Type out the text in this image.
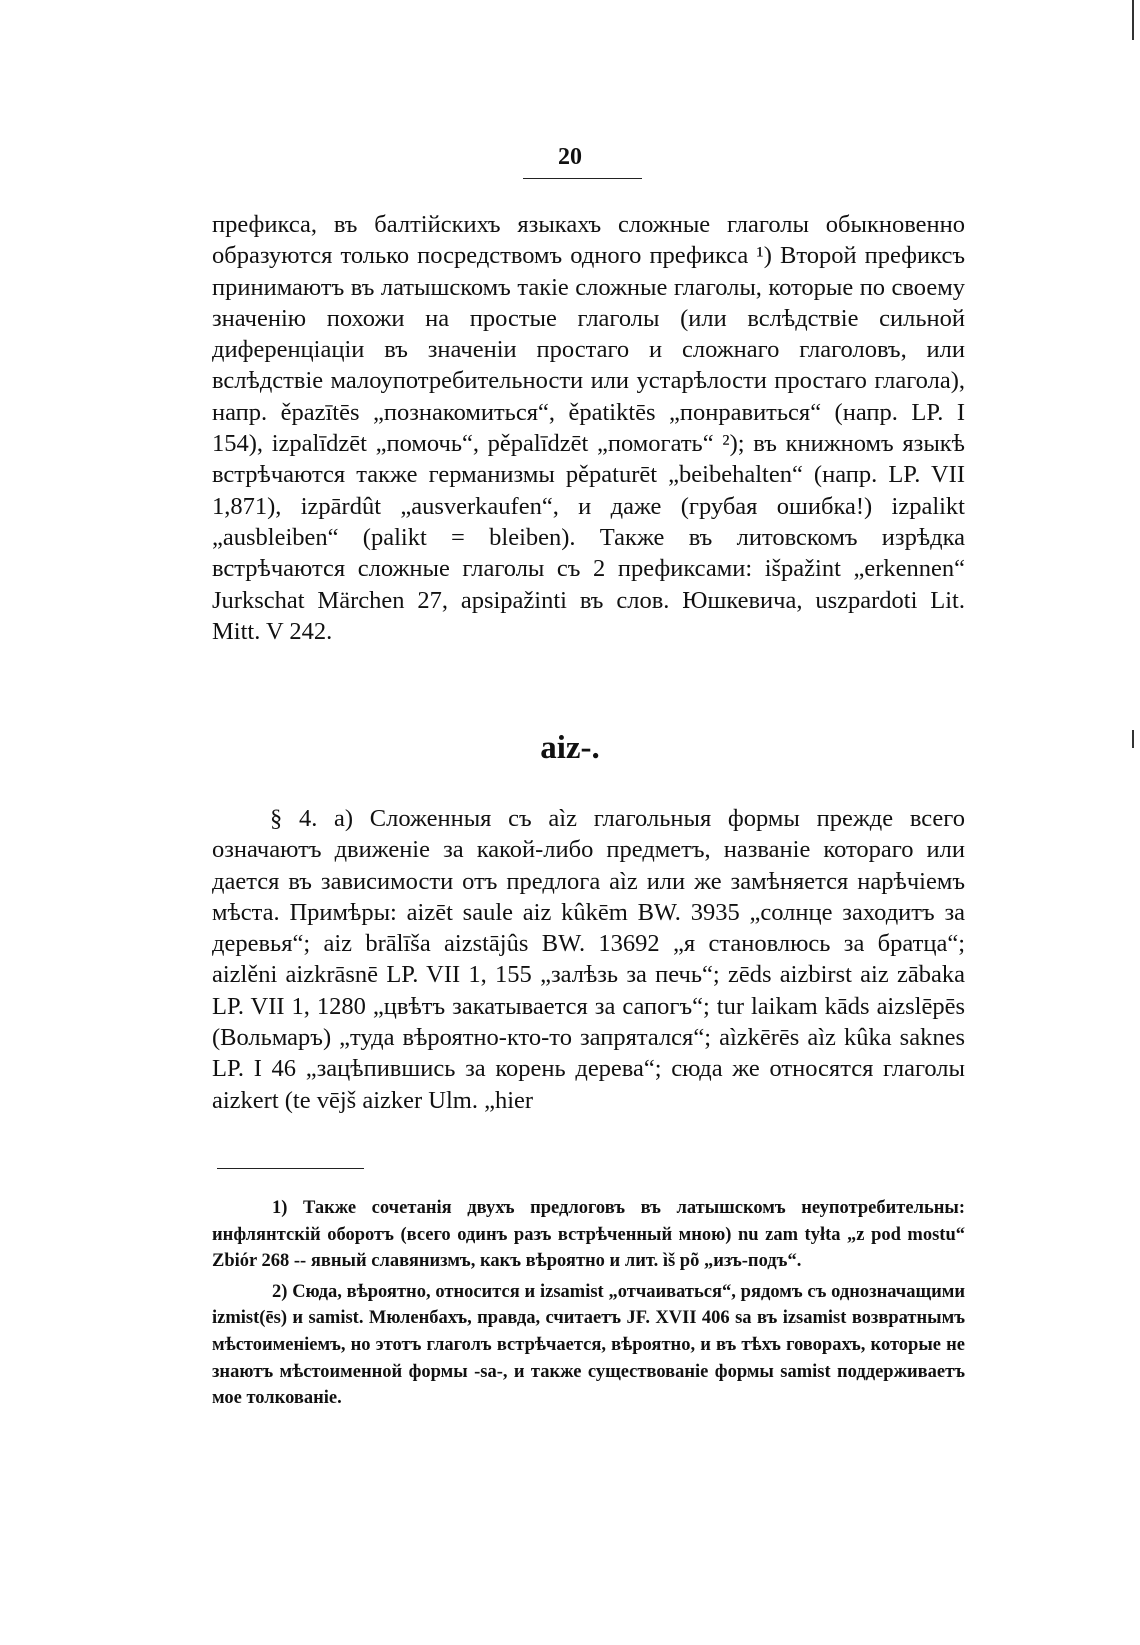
20

префикса, въ балтійскихъ языкахъ сложные глаголы обыкновенно образуются только посредствомъ одного префикса ¹) Второй префиксъ принимаютъ въ латышскомъ такіе сложные глаголы, которые по своему значенію похожи на простые глаголы (или вслѣдствіе сильной диференціаціи въ значеніи простаго и сложнаго глаголовъ, или вслѣдствіе малоупотребительности или устарѣлости простаго глагола), напр. ěpazītēs „познакомиться“, ěpatiktēs „понравиться“ (напр. LP. I 154), izpalīdzēt „помочь“, pěpalīdzēt „помогать“ ²); въ книжномъ языкѣ встрѣчаются также германизмы pěpaturēt „beibehalten“ (напр. LP. VII 1,871), izpārdût „ausverkaufen“, и даже (грубая ошибка!) izpalikt „ausbleiben“ (palikt = bleiben). Также въ литовскомъ изрѣдка встрѣчаются сложные глаголы съ 2 префиксами: išpažint „erkennen“ Jurkschat Märchen 27, apsipažinti въ слов. Юшкевича, uszpardoti Lit. Mitt. V 242.

aiz-.

§ 4. a) Сложенныя съ aìz глагольныя формы прежде всего означаютъ движеніе за какой-либо предметъ, названіе котораго или дается въ зависимости отъ предлога aìz или же замѣняется нарѣчіемъ мѣста. Примѣры: aizēt saule aiz kûkēm BW. 3935 „солнце заходитъ за деревья“; aiz brālīša aizstājûs BW. 13692 „я становлюсь за братца“; aizlěni aizkrāsnē LP. VII 1, 155 „залѣзь за печь“; zēds aizbirst aiz zābaka LP. VII 1, 1280 „цвѣтъ закатывается за сапогъ“; tur laikam kāds aizslēpēs (Вольмаръ) „туда вѣроятно-кто-то запрятался“; aìzkērēs aìz kûka saknes LP. I 46 „зацѣпившись за корень дерева“; сюда же относятся глаголы aizkert (te vējš aizker Ulm. „hier

1) Также сочетанія двухъ предлоговъ въ латышскомъ неупотребительны: инфлянтскій оборотъ (всего одинъ разъ встрѣченный мною) nu zam tyłta „z pod mostu“ Zbiór 268 -- явный славянизмъ, какъ вѣроятно и лит. ìš põ „изъ-подъ“.

2) Сюда, вѣроятно, относится и izsamist „отчаиваться“, рядомъ съ однозначащими izmist(ēs) и samist. Мюленбахъ, правда, считаетъ JF. XVII 406 sa въ izsamist возвратнымъ мѣстоименіемъ, но этотъ глаголъ встрѣчается, вѣроятно, и въ тѣхъ говорахъ, которые не знаютъ мѣстоименной формы -sa-, и также существованіе формы samist поддерживаетъ мое толкованіе.
